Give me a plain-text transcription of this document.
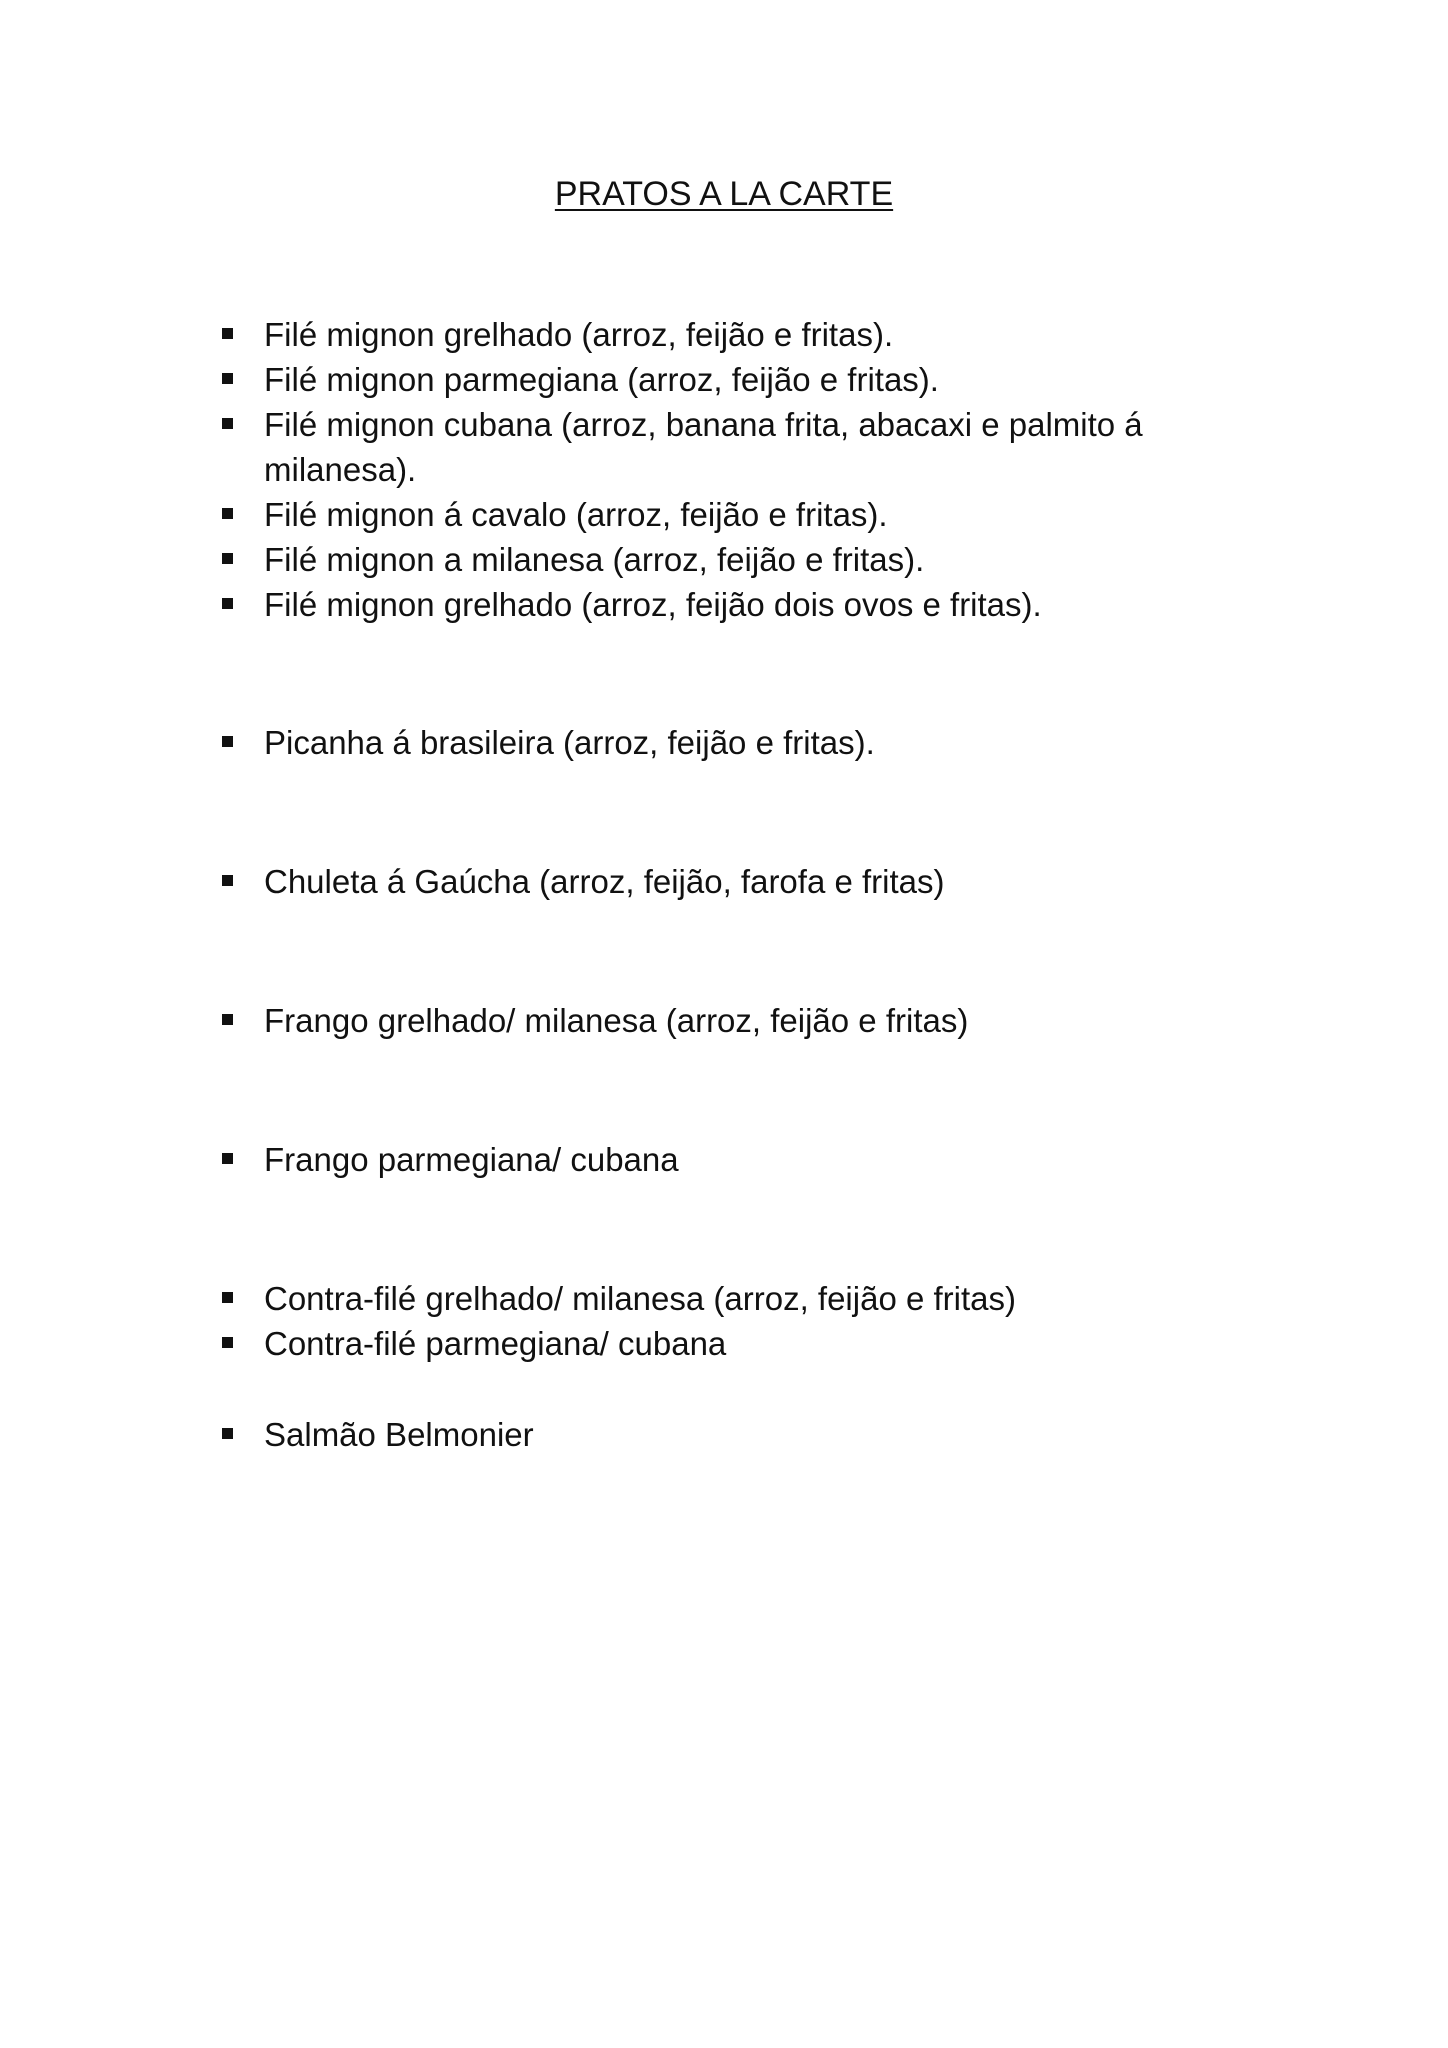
PRATOS A LA CARTE
Filé mignon grelhado (arroz, feijão e fritas).
Filé mignon parmegiana (arroz, feijão e fritas).
Filé mignon cubana (arroz, banana frita, abacaxi e palmito á milanesa).
Filé mignon á cavalo (arroz, feijão e fritas).
Filé mignon a milanesa (arroz, feijão e fritas).
Filé mignon grelhado (arroz, feijão dois ovos e fritas).
Picanha á brasileira (arroz, feijão e fritas).
Chuleta á Gaúcha (arroz, feijão, farofa e fritas)
Frango grelhado/ milanesa (arroz, feijão e fritas)
Frango parmegiana/ cubana
Contra-filé grelhado/ milanesa (arroz, feijão e fritas)
Contra-filé parmegiana/ cubana
Salmão Belmonier
